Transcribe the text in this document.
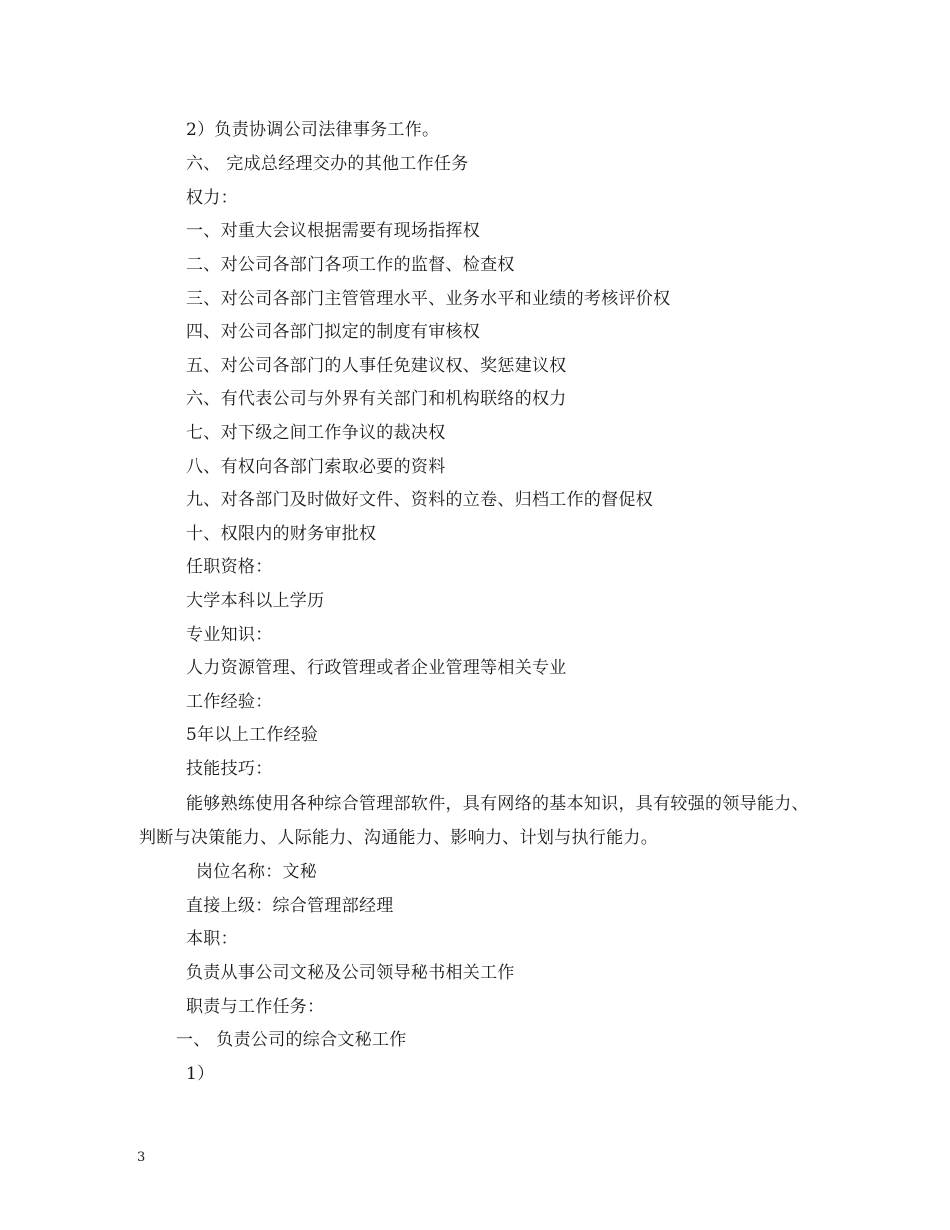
2）负责协调公司法律事务工作。
六、 完成总经理交办的其他工作任务
权力：
一、对重大会议根据需要有现场指挥权
二、对公司各部门各项工作的监督、检查权
三、对公司各部门主管管理水平、业务水平和业绩的考核评价权
四、对公司各部门拟定的制度有审核权
五、对公司各部门的人事任免建议权、奖惩建议权
六、有代表公司与外界有关部门和机构联络的权力
七、对下级之间工作争议的裁决权
八、有权向各部门索取必要的资料
九、对各部门及时做好文件、资料的立卷、归档工作的督促权
十、权限内的财务审批权
任职资格：
大学本科以上学历
专业知识：
人力资源管理、行政管理或者企业管理等相关专业
工作经验：
5年以上工作经验
技能技巧：
能够熟练使用各种综合管理部软件，具有网络的基本知识，具有较强的领导能力、判断与决策能力、人际能力、沟通能力、影响力、计划与执行能力。
岗位名称：文秘
直接上级：综合管理部经理
本职：
负责从事公司文秘及公司领导秘书相关工作
职责与工作任务：
一、 负责公司的综合文秘工作
1）
3
